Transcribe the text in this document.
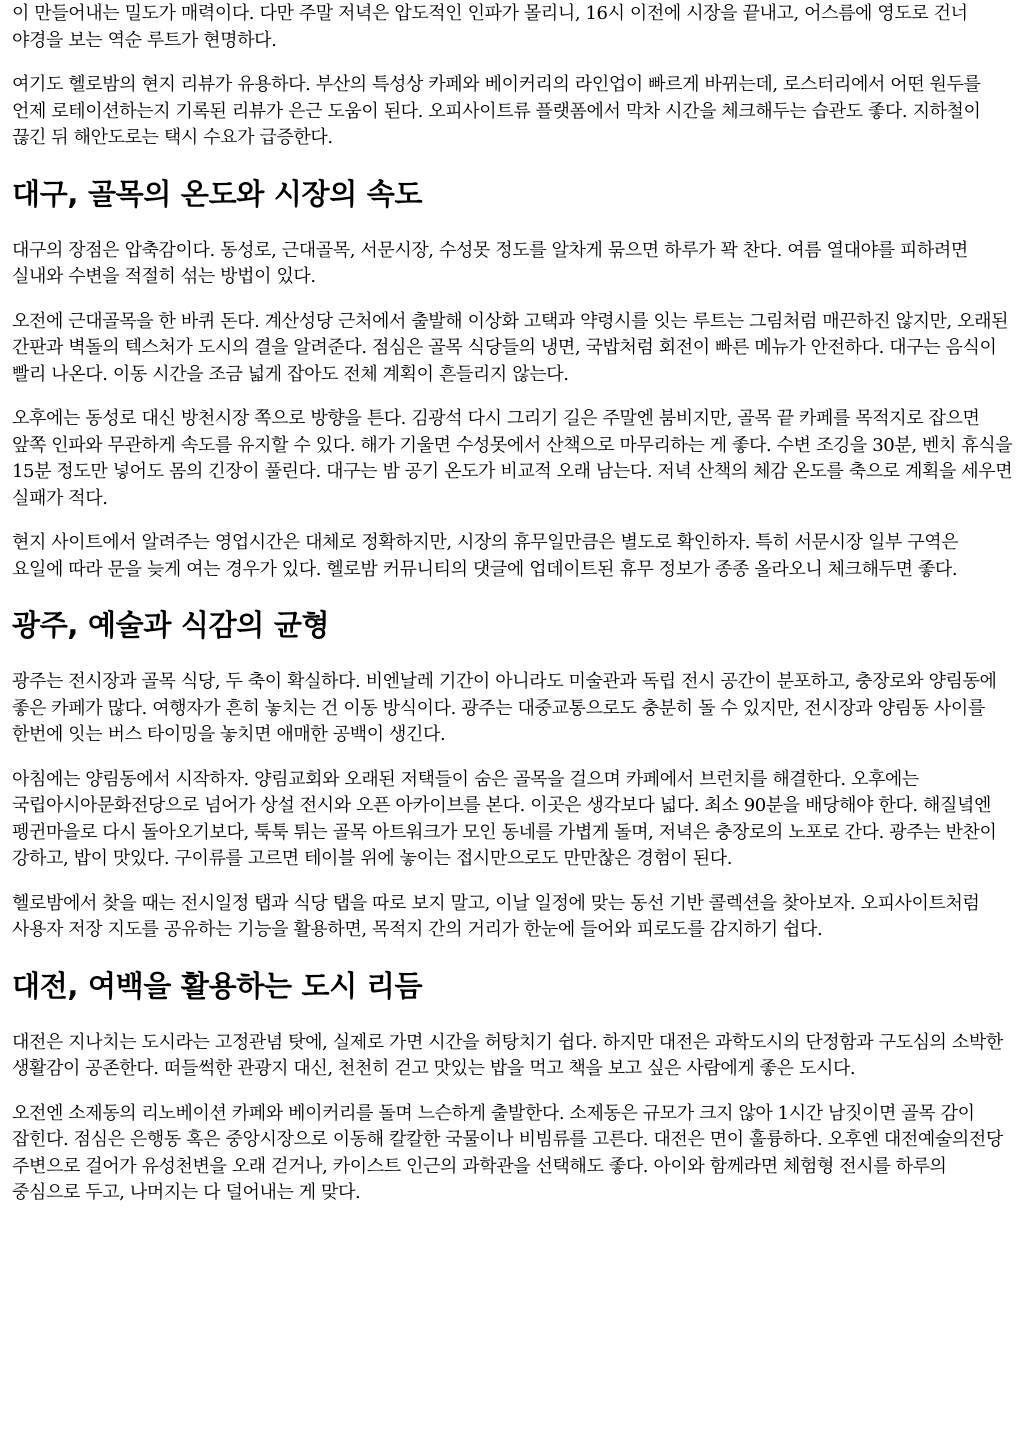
이 만들어내는 밀도가 매력이다. 다만 주말 저녁은 압도적인 인파가 몰리니, 16시 이전에 시장을 끝내고, 어스름에 영도로 건너 야경을 보는 역순 루트가 현명하다.

여기도 헬로밤의 현지 리뷰가 유용하다. 부산의 특성상 카페와 베이커리의 라인업이 빠르게 바뀌는데, 로스터리에서 어떤 원두를 언제 로테이션하는지 기록된 리뷰가 은근 도움이 된다. 오피사이트류 플랫폼에서 막차 시간을 체크해두는 습관도 좋다. 지하철이 끊긴 뒤 해안도로는 택시 수요가 급증한다.

대구, 골목의 온도와 시장의 속도

대구의 장점은 압축감이다. 동성로, 근대골목, 서문시장, 수성못 정도를 알차게 묶으면 하루가 꽉 찬다. 여름 열대야를 피하려면 실내와 수변을 적절히 섞는 방법이 있다.

오전에 근대골목을 한 바퀴 돈다. 계산성당 근처에서 출발해 이상화 고택과 약령시를 잇는 루트는 그림처럼 매끈하진 않지만, 오래된 간판과 벽돌의 텍스처가 도시의 결을 알려준다. 점심은 골목 식당들의 냉면, 국밥처럼 회전이 빠른 메뉴가 안전하다. 대구는 음식이 빨리 나온다. 이동 시간을 조금 넓게 잡아도 전체 계획이 흔들리지 않는다.

오후에는 동성로 대신 방천시장 쪽으로 방향을 튼다. 김광석 다시 그리기 길은 주말엔 붐비지만, 골목 끝 카페를 목적지로 잡으면 앞쪽 인파와 무관하게 속도를 유지할 수 있다. 해가 기울면 수성못에서 산책으로 마무리하는 게 좋다. 수변 조깅을 30분, 벤치 휴식을 15분 정도만 넣어도 몸의 긴장이 풀린다. 대구는 밤 공기 온도가 비교적 오래 남는다. 저녁 산책의 체감 온도를 축으로 계획을 세우면 실패가 적다.

현지 사이트에서 알려주는 영업시간은 대체로 정확하지만, 시장의 휴무일만큼은 별도로 확인하자. 특히 서문시장 일부 구역은 요일에 따라 문을 늦게 여는 경우가 있다. 헬로밤 커뮤니티의 댓글에 업데이트된 휴무 정보가 종종 올라오니 체크해두면 좋다.

광주, 예술과 식감의 균형

광주는 전시장과 골목 식당, 두 축이 확실하다. 비엔날레 기간이 아니라도 미술관과 독립 전시 공간이 분포하고, 충장로와 양림동에 좋은 카페가 많다. 여행자가 흔히 놓치는 건 이동 방식이다. 광주는 대중교통으로도 충분히 돌 수 있지만, 전시장과 양림동 사이를 한번에 잇는 버스 타이밍을 놓치면 애매한 공백이 생긴다.

아침에는 양림동에서 시작하자. 양림교회와 오래된 저택들이 숨은 골목을 걸으며 카페에서 브런치를 해결한다. 오후에는 국립아시아문화전당으로 넘어가 상설 전시와 오픈 아카이브를 본다. 이곳은 생각보다 넓다. 최소 90분을 배당해야 한다. 해질녘엔 펭귄마을로 다시 돌아오기보다, 툭툭 튀는 골목 아트워크가 모인 동네를 가볍게 돌며, 저녁은 충장로의 노포로 간다. 광주는 반찬이 강하고, 밥이 맛있다. 구이류를 고르면 테이블 위에 놓이는 접시만으로도 만만찮은 경험이 된다.

헬로밤에서 찾을 때는 전시일정 탭과 식당 탭을 따로 보지 말고, 이날 일정에 맞는 동선 기반 콜렉션을 찾아보자. 오피사이트처럼 사용자 저장 지도를 공유하는 기능을 활용하면, 목적지 간의 거리가 한눈에 들어와 피로도를 감지하기 쉽다.

대전, 여백을 활용하는 도시 리듬

대전은 지나치는 도시라는 고정관념 탓에, 실제로 가면 시간을 허탕치기 쉽다. 하지만 대전은 과학도시의 단정함과 구도심의 소박한 생활감이 공존한다. 떠들썩한 관광지 대신, 천천히 걷고 맛있는 밥을 먹고 책을 보고 싶은 사람에게 좋은 도시다.

오전엔 소제동의 리노베이션 카페와 베이커리를 돌며 느슨하게 출발한다. 소제동은 규모가 크지 않아 1시간 남짓이면 골목 감이 잡힌다. 점심은 은행동 혹은 중앙시장으로 이동해 칼칼한 국물이나 비빔류를 고른다. 대전은 면이 훌륭하다. 오후엔 대전예술의전당 주변으로 걸어가 유성천변을 오래 걷거나, 카이스트 인근의 과학관을 선택해도 좋다. 아이와 함께라면 체험형 전시를 하루의 중심으로 두고, 나머지는 다 덜어내는 게 맞다.
